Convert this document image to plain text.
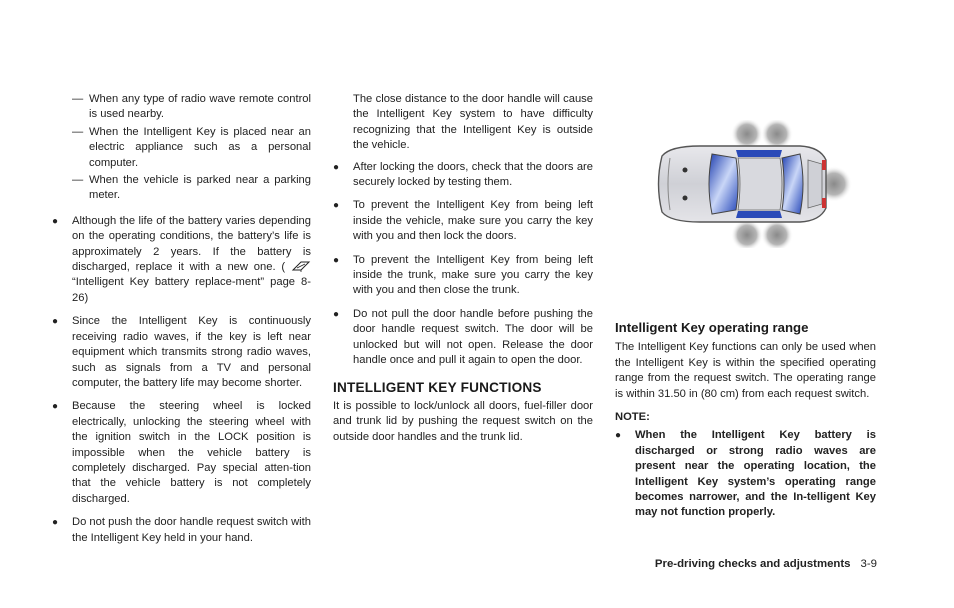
— When any type of radio wave remote control is used nearby.

— When the Intelligent Key is placed near an electric appliance such as a personal computer.

— When the vehicle is parked near a parking meter.

● Although the life of the battery varies depending on the operating conditions, the battery’s life is approximately 2 years. If the battery is discharged, replace it with a new one. (  “Intelligent Key battery replace-ment” page 8-26)

● Since the Intelligent Key is continuously receiving radio waves, if the key is left near equipment which transmits strong radio waves, such as signals from a TV and personal computer, the battery life may become shorter.

● Because the steering wheel is locked electrically, unlocking the steering wheel with the ignition switch in the LOCK position is impossible when the vehicle battery is completely discharged. Pay special atten-tion that the vehicle battery is not completely discharged.

● Do not push the door handle request switch with the Intelligent Key held in your hand.

The close distance to the door handle will cause the Intelligent Key system to have difficulty recognizing that the Intelligent Key is outside the vehicle.

● After locking the doors, check that the doors are securely locked by testing them.

● To prevent the Intelligent Key from being left inside the vehicle, make sure you carry the key with you and then lock the doors.

● To prevent the Intelligent Key from being left inside the trunk, make sure you carry the key with you and then close the trunk.

● Do not pull the door handle before pushing the door handle request switch. The door will be unlocked but will not open. Release the door handle once and pull it again to open the door.

INTELLIGENT KEY FUNCTIONS

It is possible to lock/unlock all doors, fuel-filler door and trunk lid by pushing the request switch on the outside door handles and the trunk lid.

Intelligent Key operating range

The Intelligent Key functions can only be used when the Intelligent Key is within the specified operating range from the request switch. The operating range is within 31.50 in (80 cm) from each request switch.

NOTE:

● When the Intelligent Key battery is discharged or strong radio waves are present near the operating location, the Intelligent Key system’s operating range becomes narrower, and the In-telligent Key may not function properly.

Pre-driving checks and adjustments 3-9
